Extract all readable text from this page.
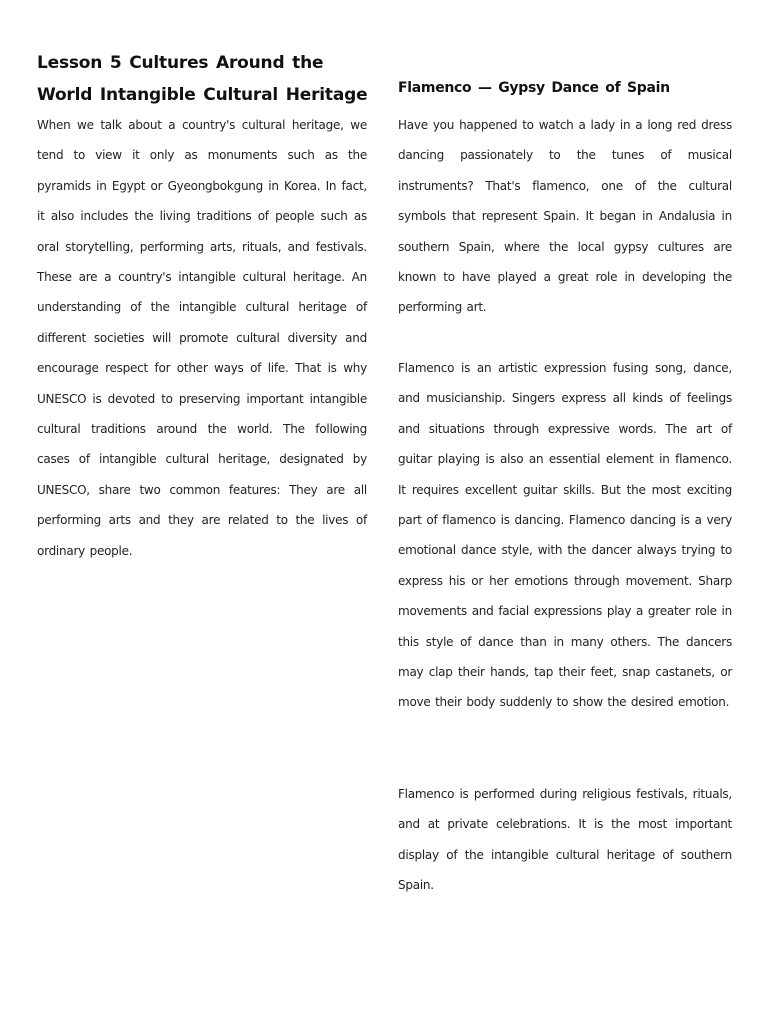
Lesson 5 Cultures Around the World Intangible Cultural Heritage

When we talk about a country's cultural heritage, we tend to view it only as monuments such as the pyramids in Egypt or Gyeongbokgung in Korea. In fact, it also includes the living traditions of people such as oral storytelling, performing arts, rituals, and festivals. These are a country's intangible cultural heritage. An understanding of the intangible cultural heritage of different societies will promote cultural diversity and encourage respect for other ways of life. That is why UNESCO is devoted to preserving important intangible cultural traditions around the world. The following cases of intangible cultural heritage, designated by UNESCO, share two common features: They are all performing arts and they are related to the lives of ordinary people.

Flamenco — Gypsy Dance of Spain

Have you happened to watch a lady in a long red dress dancing passionately to the tunes of musical instruments? That's flamenco, one of the cultural symbols that represent Spain. It began in Andalusia in southern Spain, where the local gypsy cultures are known to have played a great role in developing the performing art.

Flamenco is an artistic expression fusing song, dance, and musicianship. Singers express all kinds of feelings and situations through expressive words. The art of guitar playing is also an essential element in flamenco. It requires excellent guitar skills. But the most exciting part of flamenco is dancing. Flamenco dancing is a very emotional dance style, with the dancer always trying to express his or her emotions through movement. Sharp movements and facial expressions play a greater role in this style of dance than in many others. The dancers may clap their hands, tap their feet, snap castanets, or move their body suddenly to show the desired emotion.

Flamenco is performed during religious festivals, rituals, and at private celebrations. It is the most important display of the intangible cultural heritage of southern Spain.
